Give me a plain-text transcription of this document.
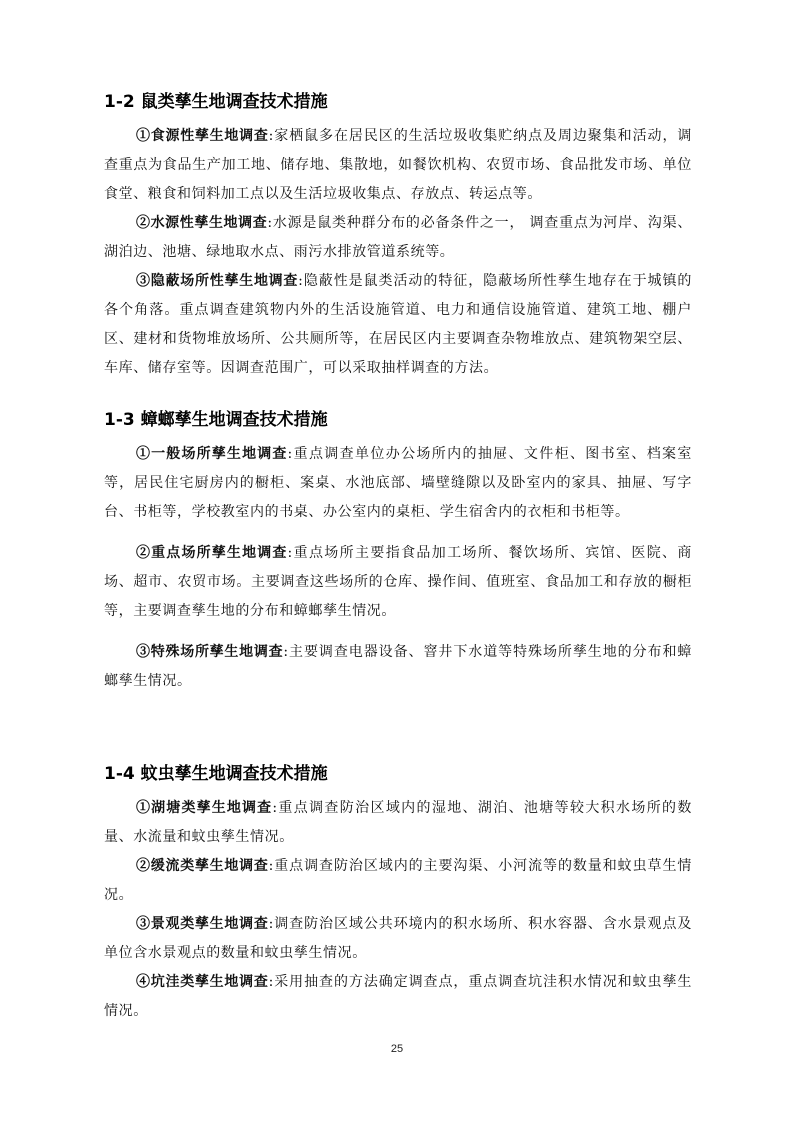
1-2 鼠类孳生地调查技术措施

①食源性孳生地调查:家栖鼠多在居民区的生活垃圾收集贮纳点及周边聚集和活动，调查重点为食品生产加工地、储存地、集散地，如餐饮机构、农贸市场、食品批发市场、单位食堂、粮食和饲料加工点以及生活垃圾收集点、存放点、转运点等。

②水源性孳生地调查:水源是鼠类种群分布的必备条件之一， 调查重点为河岸、沟渠、湖泊边、池塘、绿地取水点、雨污水排放管道系统等。

③隐蔽场所性孳生地调查:隐蔽性是鼠类活动的特征，隐蔽场所性孳生地存在于城镇的各个角落。重点调查建筑物内外的生活设施管道、电力和通信设施管道、建筑工地、棚户区、建材和货物堆放场所、公共厕所等，在居民区内主要调查杂物堆放点、建筑物架空层、车库、储存室等。因调查范围广，可以采取抽样调查的方法。

1-3 蟑螂孳生地调查技术措施

①一般场所孳生地调查:重点调查单位办公场所内的抽屉、文件柜、图书室、档案室等，居民住宅厨房内的橱柜、案桌、水池底部、墙壁缝隙以及卧室内的家具、抽屉、写字台、书柜等，学校教室内的书桌、办公室内的桌柜、学生宿舍内的衣柜和书柜等。

②重点场所孳生地调查:重点场所主要指食品加工场所、餐饮场所、宾馆、医院、商场、超市、农贸市场。主要调查这些场所的仓库、操作间、值班室、食品加工和存放的橱柜等，主要调查孳生地的分布和蟑螂孳生情况。

③特殊场所孳生地调查:主要调查电器设备、窨井下水道等特殊场所孳生地的分布和蟑螂孳生情况。

1-4 蚊虫孳生地调查技术措施

①湖塘类孳生地调查:重点调查防治区域内的湿地、湖泊、池塘等较大积水场所的数量、水流量和蚊虫孳生情况。

②缓流类孳生地调查:重点调查防治区域内的主要沟渠、小河流等的数量和蚊虫草生情况。

③景观类孳生地调查:调查防治区域公共环境内的积水场所、积水容器、含水景观点及单位含水景观点的数量和蚊虫孳生情况。

④坑洼类孳生地调查:采用抽查的方法确定调查点，重点调查坑洼积水情况和蚊虫孳生情况。

25
